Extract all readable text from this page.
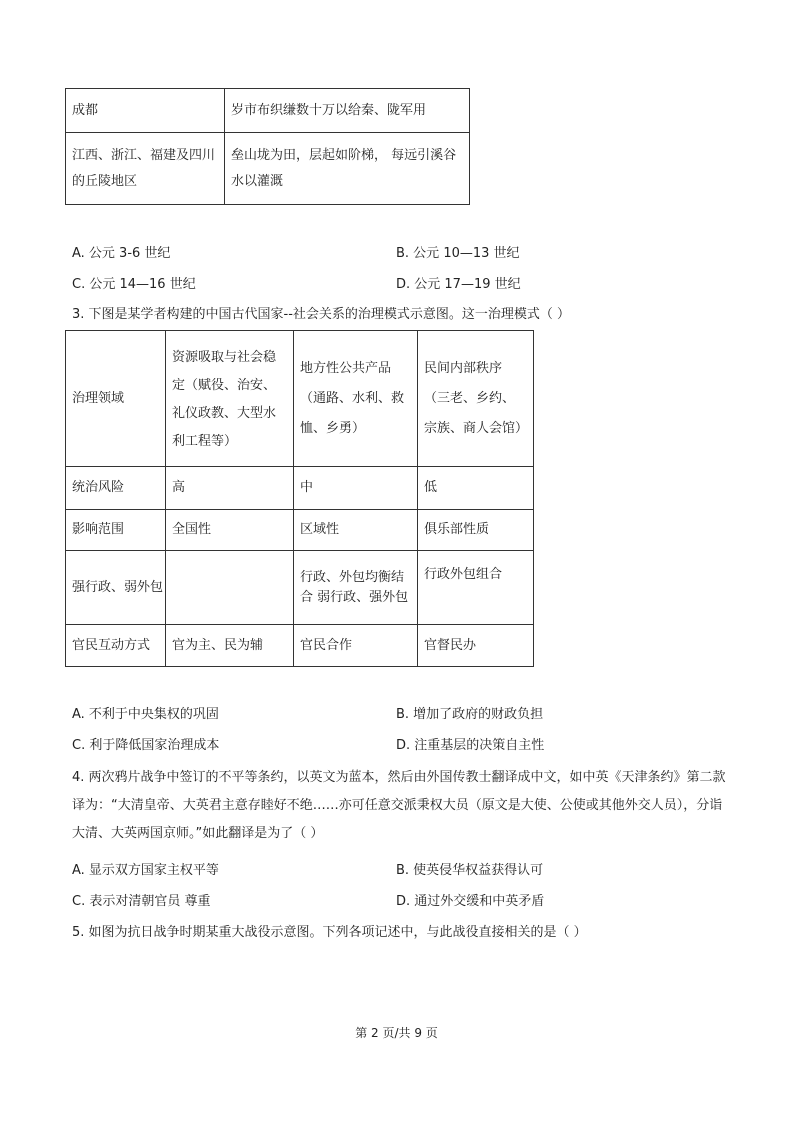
成都	岁市布织缣数十万以给秦、陇军用
江西、浙江、福建及四川的丘陵地区	垒山垅为田，层起如阶梯， 每远引溪谷水以灌溉
A. 公元 3-6 世纪	B. 公元 10—13 世纪
C. 公元 14—16 世纪	D. 公元 17—19 世纪
3. 下图是某学者构建的中国古代国家--社会关系的治理模式示意图。这一治理模式（ ）
治理领域	资源吸取与社会稳定（赋役、治安、礼仪政教、大型水利工程等）	地方性公共产品（通路、水利、救恤、乡勇）	民间内部秩序（三老、乡约、宗族、商人会馆）
统治风险	高	中	低
影响范围	全国性	区域性	俱乐部性质
强行政、弱外包		行政、外包均衡结合 弱行政、强外包	行政外包组合
官民互动方式	官为主、民为辅	官民合作	官督民办
A. 不利于中央集权的巩固	B. 增加了政府的财政负担
C. 利于降低国家治理成本	D. 注重基层的决策自主性
4. 两次鸦片战争中签订的不平等条约，以英文为蓝本，然后由外国传教士翻译成中文，如中英《天津条约》第二款译为：“大清皇帝、大英君主意存睦好不绝……亦可任意交派秉权大员（原文是大使、公使或其他外交人员），分诣大清、大英两国京师。”如此翻译是为了（ ）
A. 显示双方国家主权平等	B. 使英侵华权益获得认可
C. 表示对清朝官员 尊重	D. 通过外交缓和中英矛盾
5. 如图为抗日战争时期某重大战役示意图。下列各项记述中，与此战役直接相关的是（ ）
第 2 页/共 9 页
